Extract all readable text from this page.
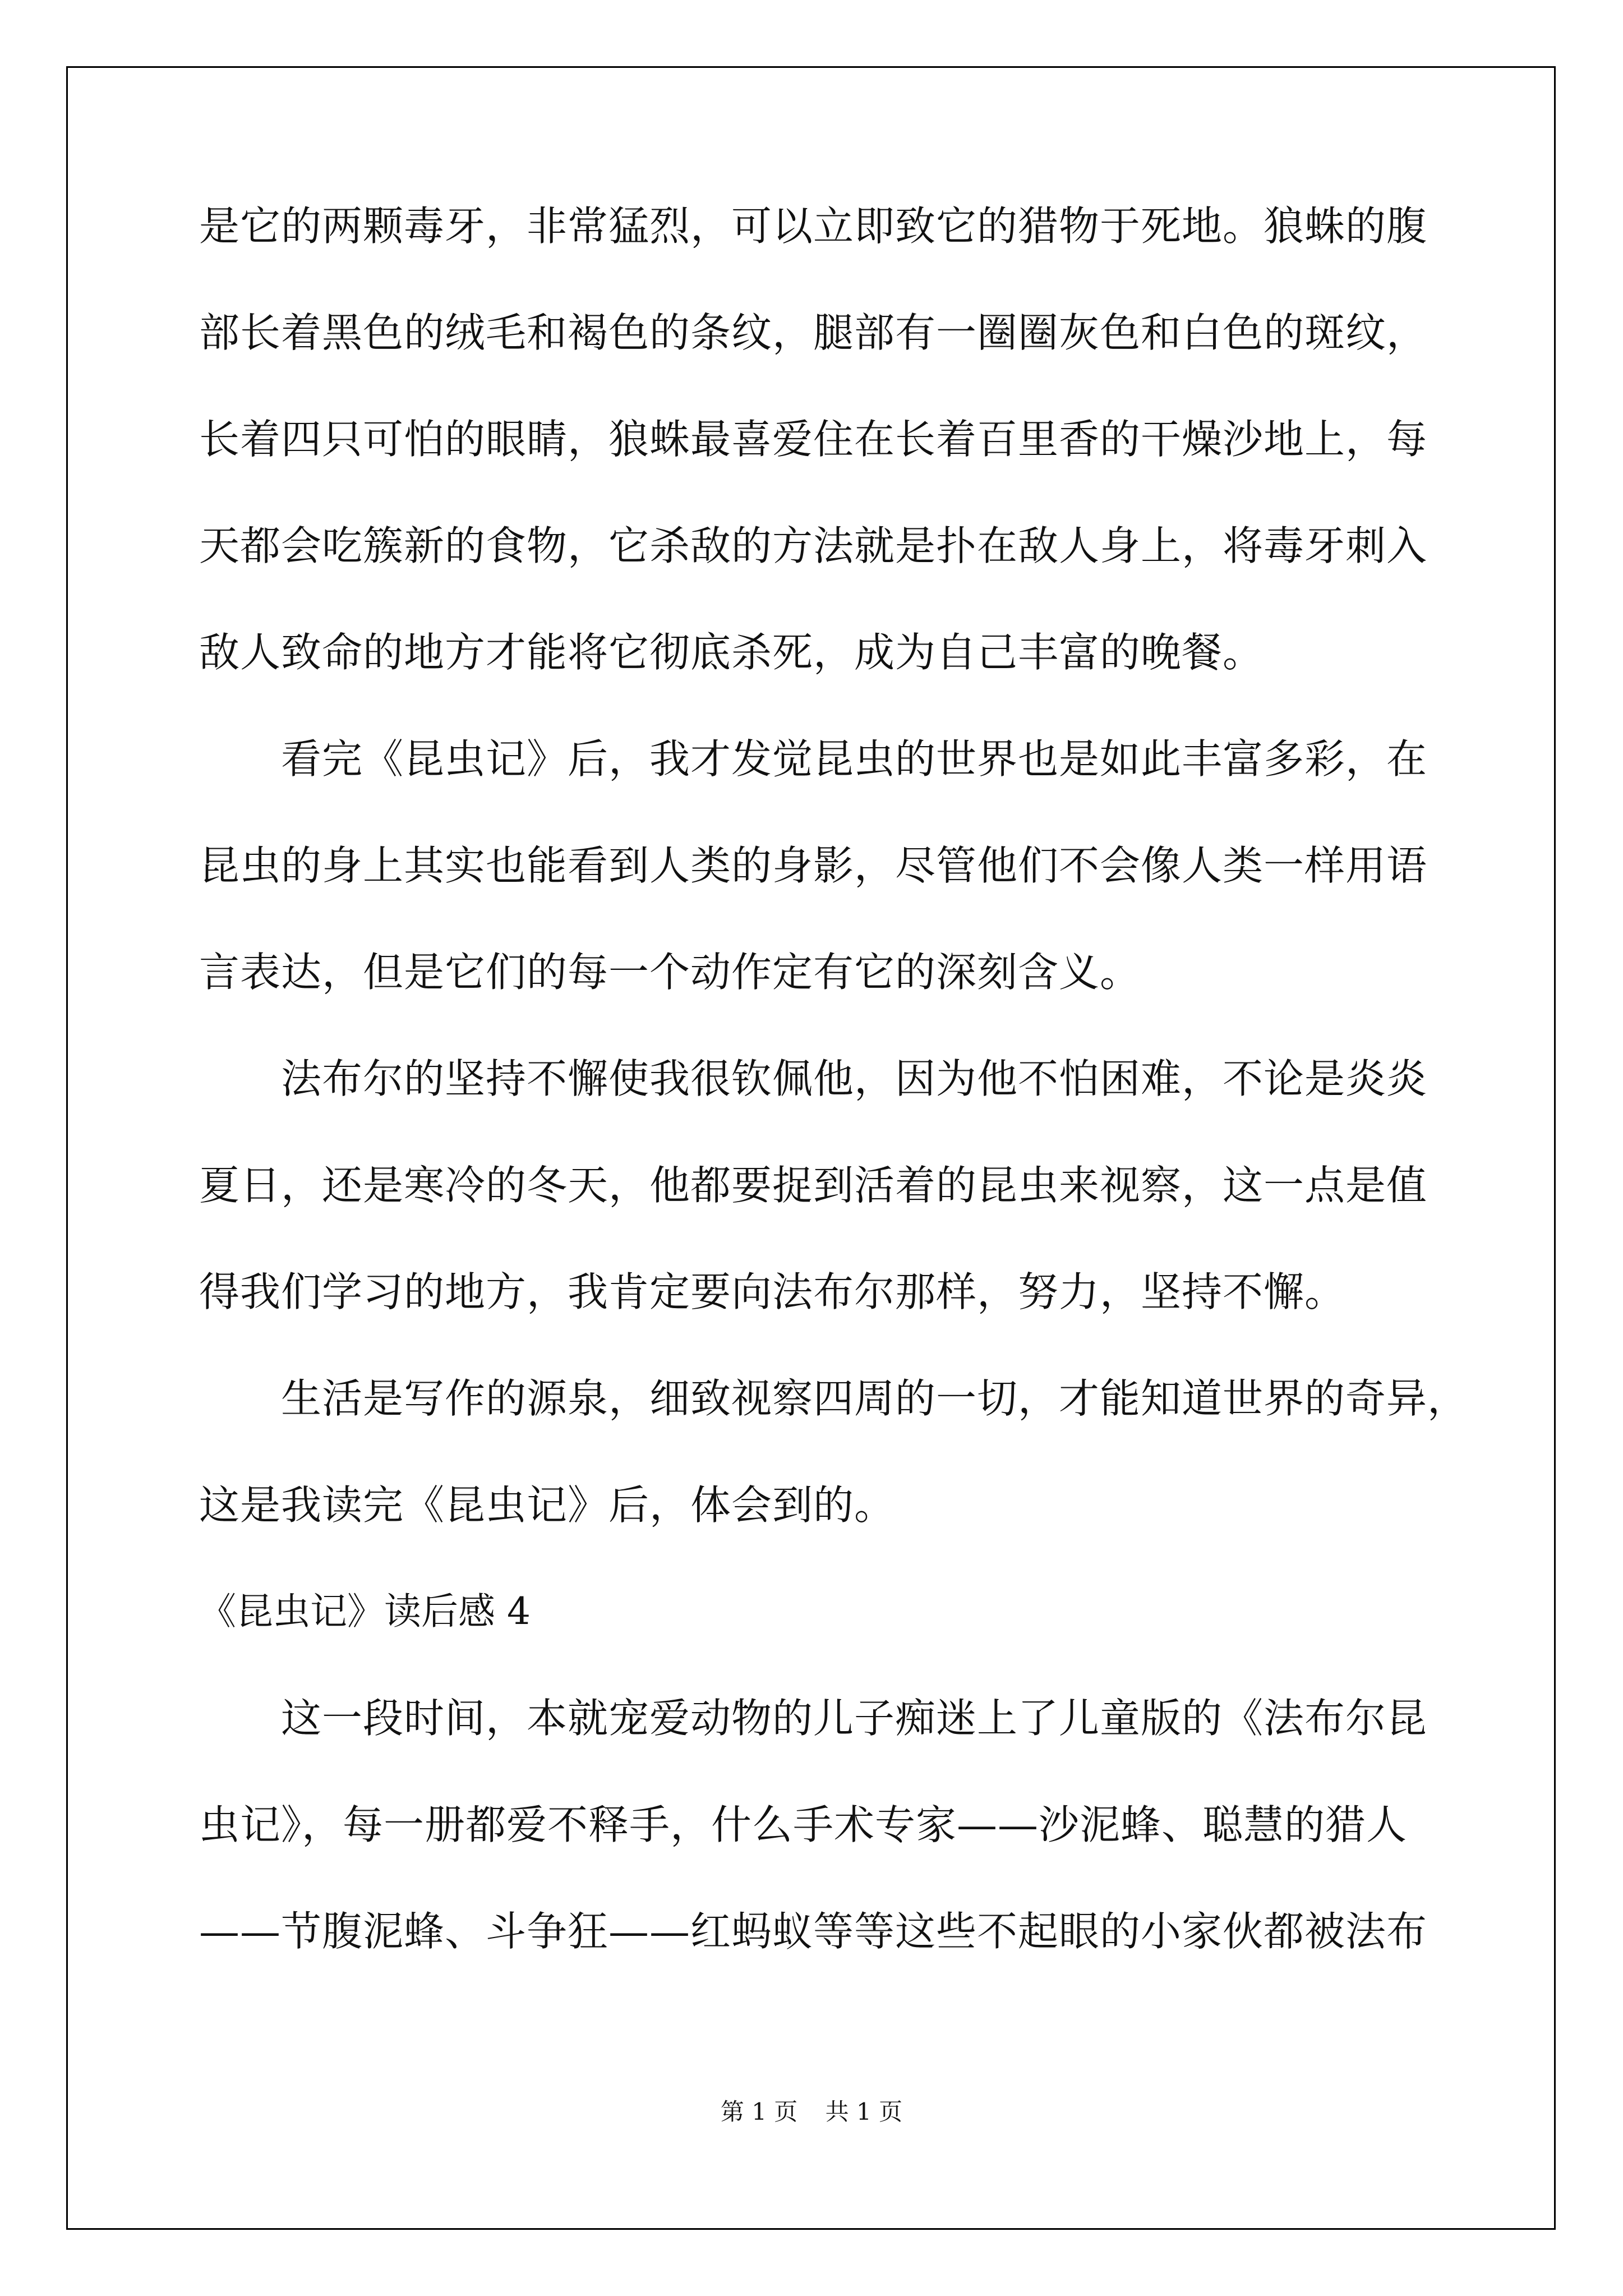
是它的两颗毒牙，非常猛烈，可以立即致它的猎物于死地。狼蛛的腹
部长着黑色的绒毛和褐色的条纹，腿部有一圈圈灰色和白色的斑纹，
长着四只可怕的眼睛，狼蛛最喜爱住在长着百里香的干燥沙地上，每
天都会吃簇新的食物，它杀敌的方法就是扑在敌人身上，将毒牙刺入
敌人致命的地方才能将它彻底杀死，成为自己丰富的晚餐。
看完《昆虫记》后，我才发觉昆虫的世界也是如此丰富多彩，在
昆虫的身上其实也能看到人类的身影，尽管他们不会像人类一样用语
言表达，但是它们的每一个动作定有它的深刻含义。
法布尔的坚持不懈使我很钦佩他，因为他不怕困难，不论是炎炎
夏日，还是寒冷的冬天，他都要捉到活着的昆虫来视察，这一点是值
得我们学习的地方，我肯定要向法布尔那样，努力，坚持不懈。
生活是写作的源泉，细致视察四周的一切，才能知道世界的奇异，
这是我读完《昆虫记》后，体会到的。
《昆虫记》读后感 4
这一段时间，本就宠爱动物的儿子痴迷上了儿童版的《法布尔昆
虫记》，每一册都爱不释手，什么手术专家——沙泥蜂、聪慧的猎人
——节腹泥蜂、斗争狂——红蚂蚁等等这些不起眼的小家伙都被法布
第 1 页 共 1 页
